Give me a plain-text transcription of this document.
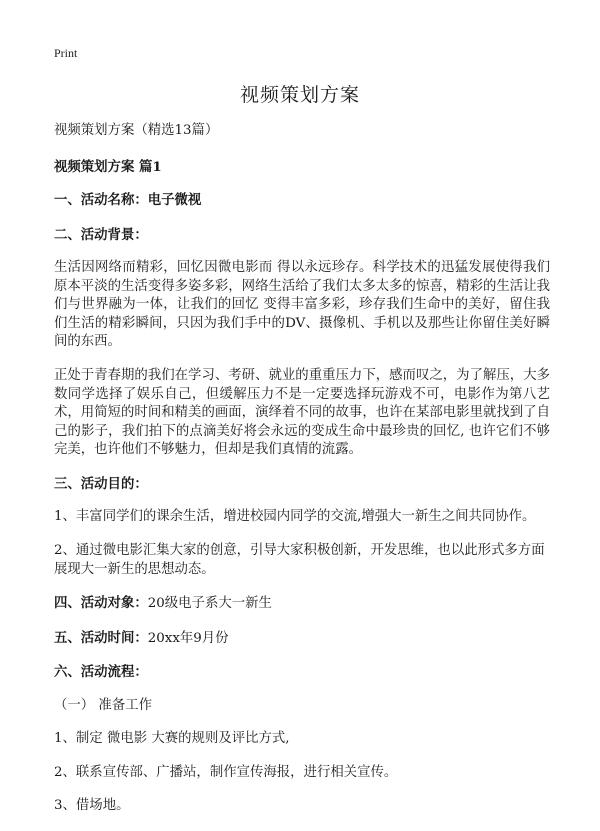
Print
视频策划方案

视频策划方案（精选13篇）

视频策划方案 篇1

一、活动名称：电子微视

二、活动背景：

生活因网络而精彩，回忆因微电影而 得以永远珍存。科学技术的迅猛发展使得我们原本平淡的生活变得多姿多彩，网络生活给了我们太多太多的惊喜，精彩的生活让我们与世界融为一体，让我们的回忆 变得丰富多彩，珍存我们生命中的美好，留住我们生活的精彩瞬间，只因为我们手中的DV、摄像机、手机以及那些让你留住美好瞬间的东西。

正处于青春期的我们在学习、考研、就业的重重压力下，感而叹之，为了解压，大多数同学选择了娱乐自己，但缓解压力不是一定要选择玩游戏不可，电影作为第八艺术，用简短的时间和精美的画面，演绎着不同的故事，也许在某部电影里就找到了自己的影子，我们拍下的点滴美好将会永远的变成生命中最珍贵的回忆, 也许它们不够完美，也许他们不够魅力，但却是我们真情的流露。

三、活动目的：

1、丰富同学们的课余生活，增进校园内同学的交流,增强大一新生之间共同协作。

2、通过微电影汇集大家的创意，引导大家积极创新，开发思维，也以此形式多方面展现大一新生的思想动态。

四、活动对象：20级电子系大一新生

五、活动时间：20xx年9月份

六、活动流程：

（一） 准备工作

1、制定 微电影 大赛的规则及评比方式,

2、联系宣传部、广播站，制作宣传海报，进行相关宣传。

3、借场地。
